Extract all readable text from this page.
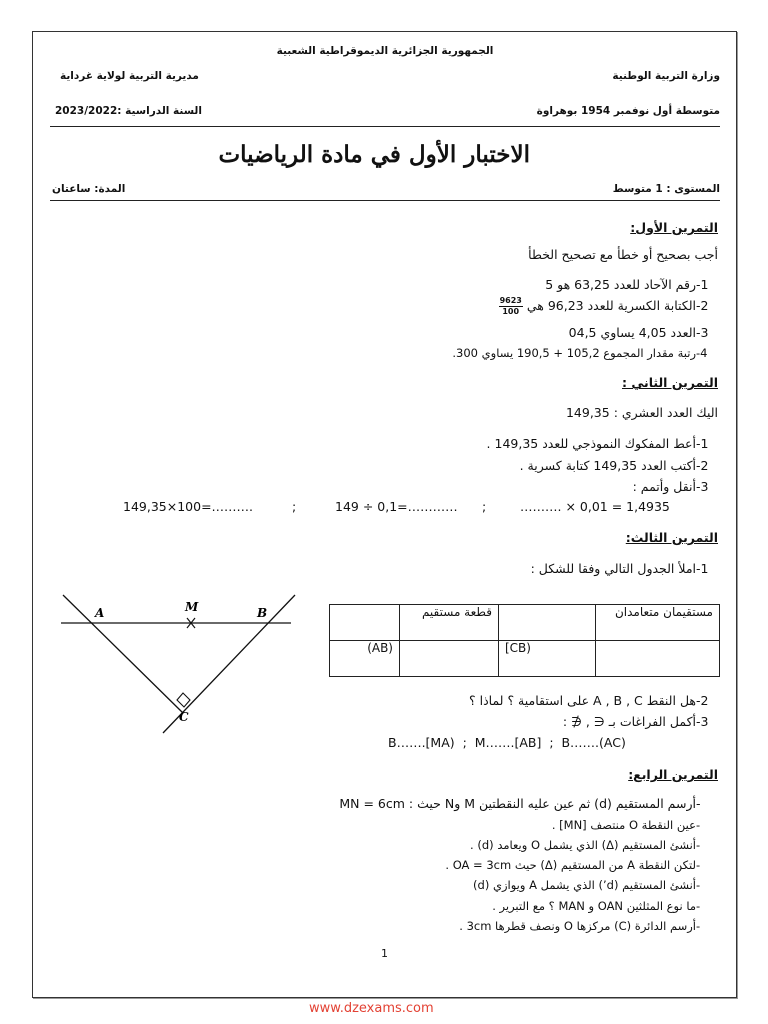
الجمهورية الجزائرية الديموقراطية الشعبية
وزارة التربية الوطنية
مديرية التربية لولاية غرداية
متوسطة أول نوفمبر 1954 بوهراوة
السنة الدراسية :2023/2022
الاختبار الأول في مادة الرياضيات
المستوى : 1 متوسط
المدة: ساعتان
التمرين الأول:
أجب بصحيح أو خطأ مع تصحيح الخطأ
1-رقم الآحاد للعدد 63,25 هو 5
2-الكتابة الكسرية للعدد 96,23 هي
$\frac{9623}{100}$
3-العدد 4,05 يساوي 04,5
4-رتبة مقدار المجموع 105,2 + 190,5 يساوي 300.
التمرين الثاني :
اليك العدد العشري : 149,35
1-أعط المفكوك النموذجي للعدد 149,35 .
2-أكتب العدد 149,35 كتابة كسرية .
3-أنقل وأتمم :
149,35×100=……….	;	149 ÷ 0,1=………… ;	………. × 0,01 = 1,4935
التمرين الثالث:
1-املأ الجدول التالي وفقا للشكل :
A	M	B
C
	قطعة مستقيم		مستقيمان متعامدان
(AB)		[CB)	
2-هل النقط A , B , C على استقامية ؟ لماذا ؟
3-أكمل الفراغات بـ ∈ , ∉ :
B…….[MA)  ;  M…….[AB]  ;  B…….(AC)
التمرين الرابع:
-أرسم المستقيم (d) ثم عين عليه النقطتين M وN حيث : MN = 6cm
-عين النقطة O منتصف [MN] .
-أنشئ المستقيم (Δ) الذي يشمل O ويعامد (d) .
-لتكن النقطة A من المستقيم (Δ) حيث OA = 3cm .
-أنشئ المستقيم (d’) الذي يشمل A ويوازي (d)
-ما نوع المثلثين OAN و MAN ؟ مع التبرير .
-أرسم الدائرة (C) مركزها O ونصف قطرها 3cm .
1
www.dzexams.com
